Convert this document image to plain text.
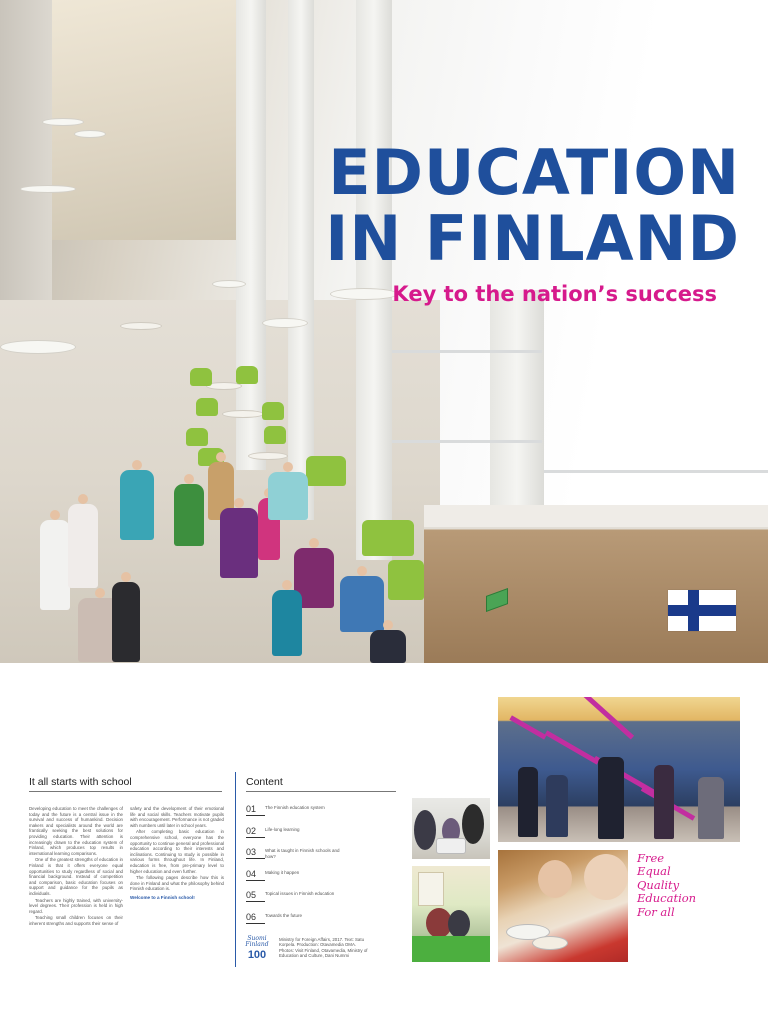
EDUCATION
IN FINLAND
Key to the nation’s success
It all starts with school

Developing education to meet the challenges of today and the future is a central issue in the survival and success of humankind. Decision makers and specialists around the world are frantically seeking the best solutions for providing education. Their attention is increasingly drawn to the education system of Finland, which produces top results in international learning comparisons.

One of the greatest strengths of education in Finland is that it offers everyone equal opportunities to study regardless of social and financial background. Instead of competition and comparison, basic education focuses on support and guidance for the pupils as individuals.

Teachers are highly trained, with university-level degrees. Their profession is held in high regard.

Teaching small children focuses on their inherent strengths and supports their sense of

safety and the development of their emotional life and social skills. Teachers motivate pupils with encouragement. Performance is not graded with numbers until later in school years.

After completing basic education in comprehensive school, everyone has the opportunity to continue general and professional education according to their interests and inclinations. Continuing to study is possible in various forms throughout life. In Finland, education is free, from pre-primary level to higher education and even further.

The following pages describe how this is done in Finland and what the philosophy behind Finnish education is.

Welcome to a Finnish school!
Content
01	The Finnish education system
02	Life-long learning
03	What is taught in Finnish schools and how?
04	Making it happen
05	Topical issues in Finnish education
06	Towards the future
Suomi Finland
100
Ministry for Foreign Affairs, 2017. Text: Satu Korpela. Production: Otavamedia OMA. Photos: Visit Finland, Otavamedia, Ministry of Education and Culture, Dani Nummi
Free
Equal
Quality
Education
For all
